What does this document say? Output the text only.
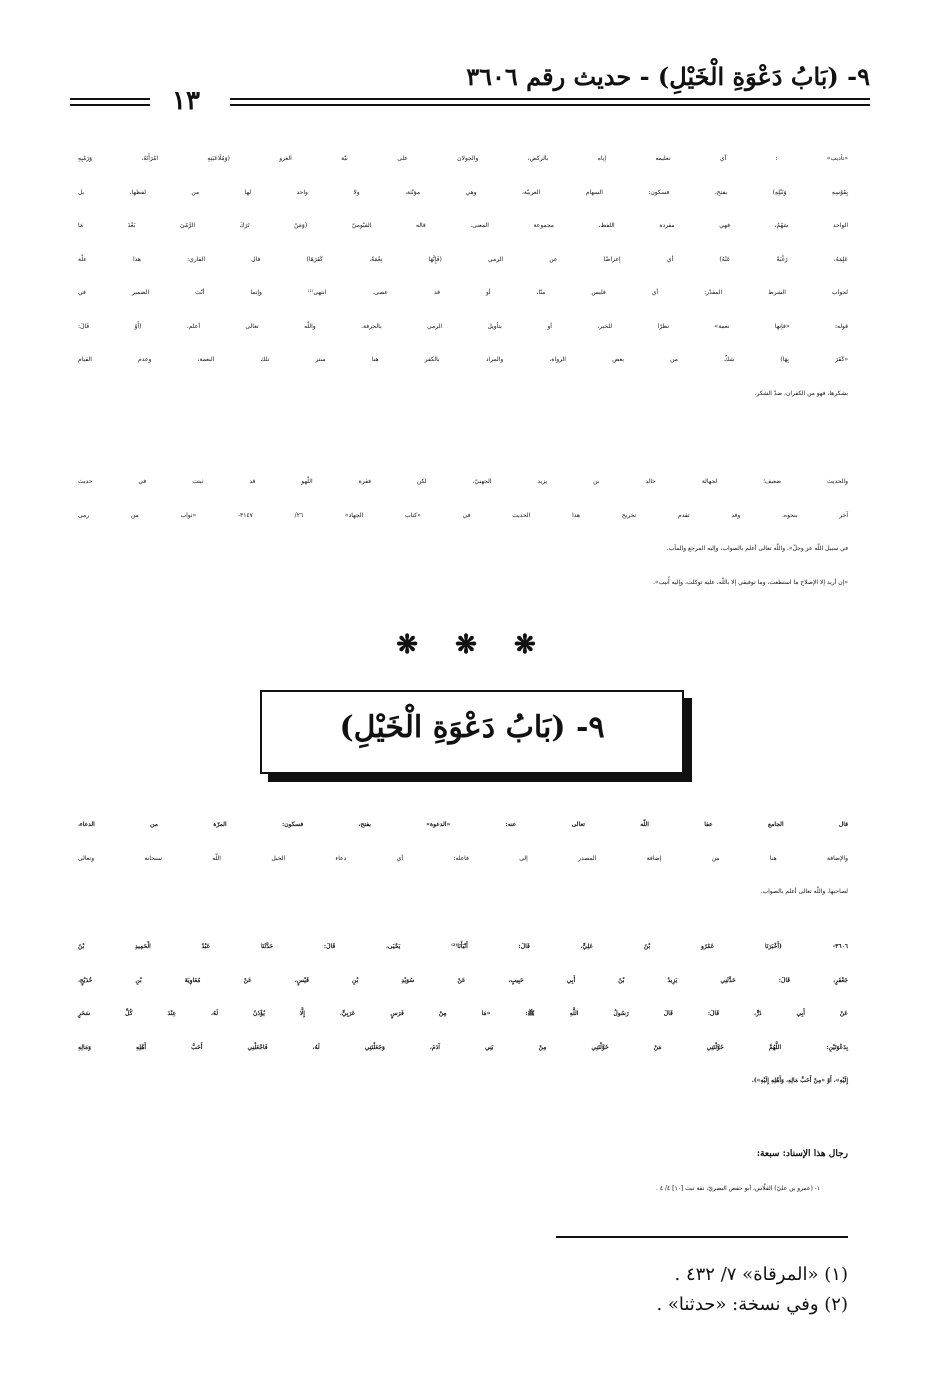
٩- (بَابُ دَعْوَةِ الْخَيْلِ) - حديث رقم ٣٦٠٦
١٣
«تأديب» : أي تعليمه إياه بالركض، والجولان على نيّة الغزو (وَمُلَاعَبَتِهِ امْرَأَتَهُ، وَرَمْيِهِ
بِقَوْسِهِ وَنَبْلِهِ) بفتح، فسكون: السهام العربيّة، وهي مؤنّثة، ولا واحد لها من لفظها، بل
الواحد سَهْمٌ، فهي مفردة اللفظ، مجموعة المعنى. قاله الفيّوميّ (وَمَنْ تَرَكَ الرَّمْيَ بَعْدَ مَا
عَلِمَهُ، رَغْبَةً عَنْهُ) أي إعراضًا عن الرمي (فَإِنَّهَا نِعْمَةٌ، كَفَرَهَا) قال القاري: هذا علّة
لجواب الشرط المقدّر: أي فليس منّا، أو قد عصى. انتهى⁽¹⁾ وإنما أنّث الضمير في
قوله: «فإنها نعمة» نظرًا للخبر، أو بتأويل الرمي بالحرفة. واللّه تعالى أعلم. (أَوْ قَالَ:
«كَفَرَ بِهَا) شكّ من بعض الرواة، والمراد بالكفر هنا ستر تلك النعمة، وعدم القيام
بشكرها، فهو من الكفران، ضدّ الشكر.
والحديث ضعيف؛ لجهالة خالد بن يزيد الجهنيّ، لكن فقرة اللّهو قد ثبتت في حديث
آخر بنحوه. وقد تقدم تخريج هذا الحديث في «كتاب الجهاد» ٢٦/ ٣١٤٧- «ثواب من رمى
في سبيل اللّه عز وجلّ». واللّه تعالى أعلم بالصواب، وإليه المرجع والمآب.
«إن أريد إلا الإصلاح ما استطعت، وما توفيقي إلا باللّه، عليه توكلت، وإليه أُنيب».
❋ ❋ ❋
٩- (بَابُ دَعْوَةِ الْخَيْلِ)
قال الجامع عفا اللّه تعالى عنه: «الدعوة» بفتح، فسكون: المرّة من الدعاء،
والإضافة هنا من إضافة المصدر إلى فاعله: أي دعاء الخيل اللّه سبحانه وتعالى
لصاحبها. واللّه تعالى أعلم بالصواب.
٣٦٠٦- (أَخْبَرَنَا عَمْرُو بْنُ عَلِيٍّ، قَالَ: أَنْبَأَنَا⁽²⁾ يَحْيَى، قَالَ: حَدَّثَنَا عَبْدُ الْحَمِيدِ بْنُ
جَعْفَرٍ، قَالَ: حَدَّثَنِي يَزِيدُ بْنُ أَبِي حَبِيبٍ، عَنْ سُوَيْدِ بْنِ قَيْسٍ، عَنْ مُعَاوِيَةَ بْنِ حُدَيْجٍ،
عَنْ أَبِي ذَرٍّ، قَالَ: قَالَ رَسُولُ اللَّهِ ﷺ: «مَا مِنْ فَرَسٍ عَرَبِيٍّ، إِلَّا يُؤْذَنُ لَهُ، عِنْدَ كُلِّ سَحَرٍ
بِدَعْوَتَيْنِ: اللَّهُمَّ خَوَّلْتَنِي مَنْ خَوَّلْتَنِي مِنْ بَنِي آدَمَ، وَجَعَلْتَنِي لَهُ، فَاجْعَلْنِي أَحَبَّ أَهْلِهِ وَمَالِهِ
إِلَيْهِ»، أَوْ «مِنْ أَحَبِّ مَالِهِ، وَأَهْلِهِ إِلَيْهِ»).
رجال هذا الإسناد: سبعة:
١- (عمرو بن عليّ) الفلّاس، أبو حفص البصريّ، ثقة ثبت [١٠] ٤/ ٤ .
(١) «المرقاة» ٧/ ٤٣٢ .
(٢) وفي نسخة: «حدثنا» .
